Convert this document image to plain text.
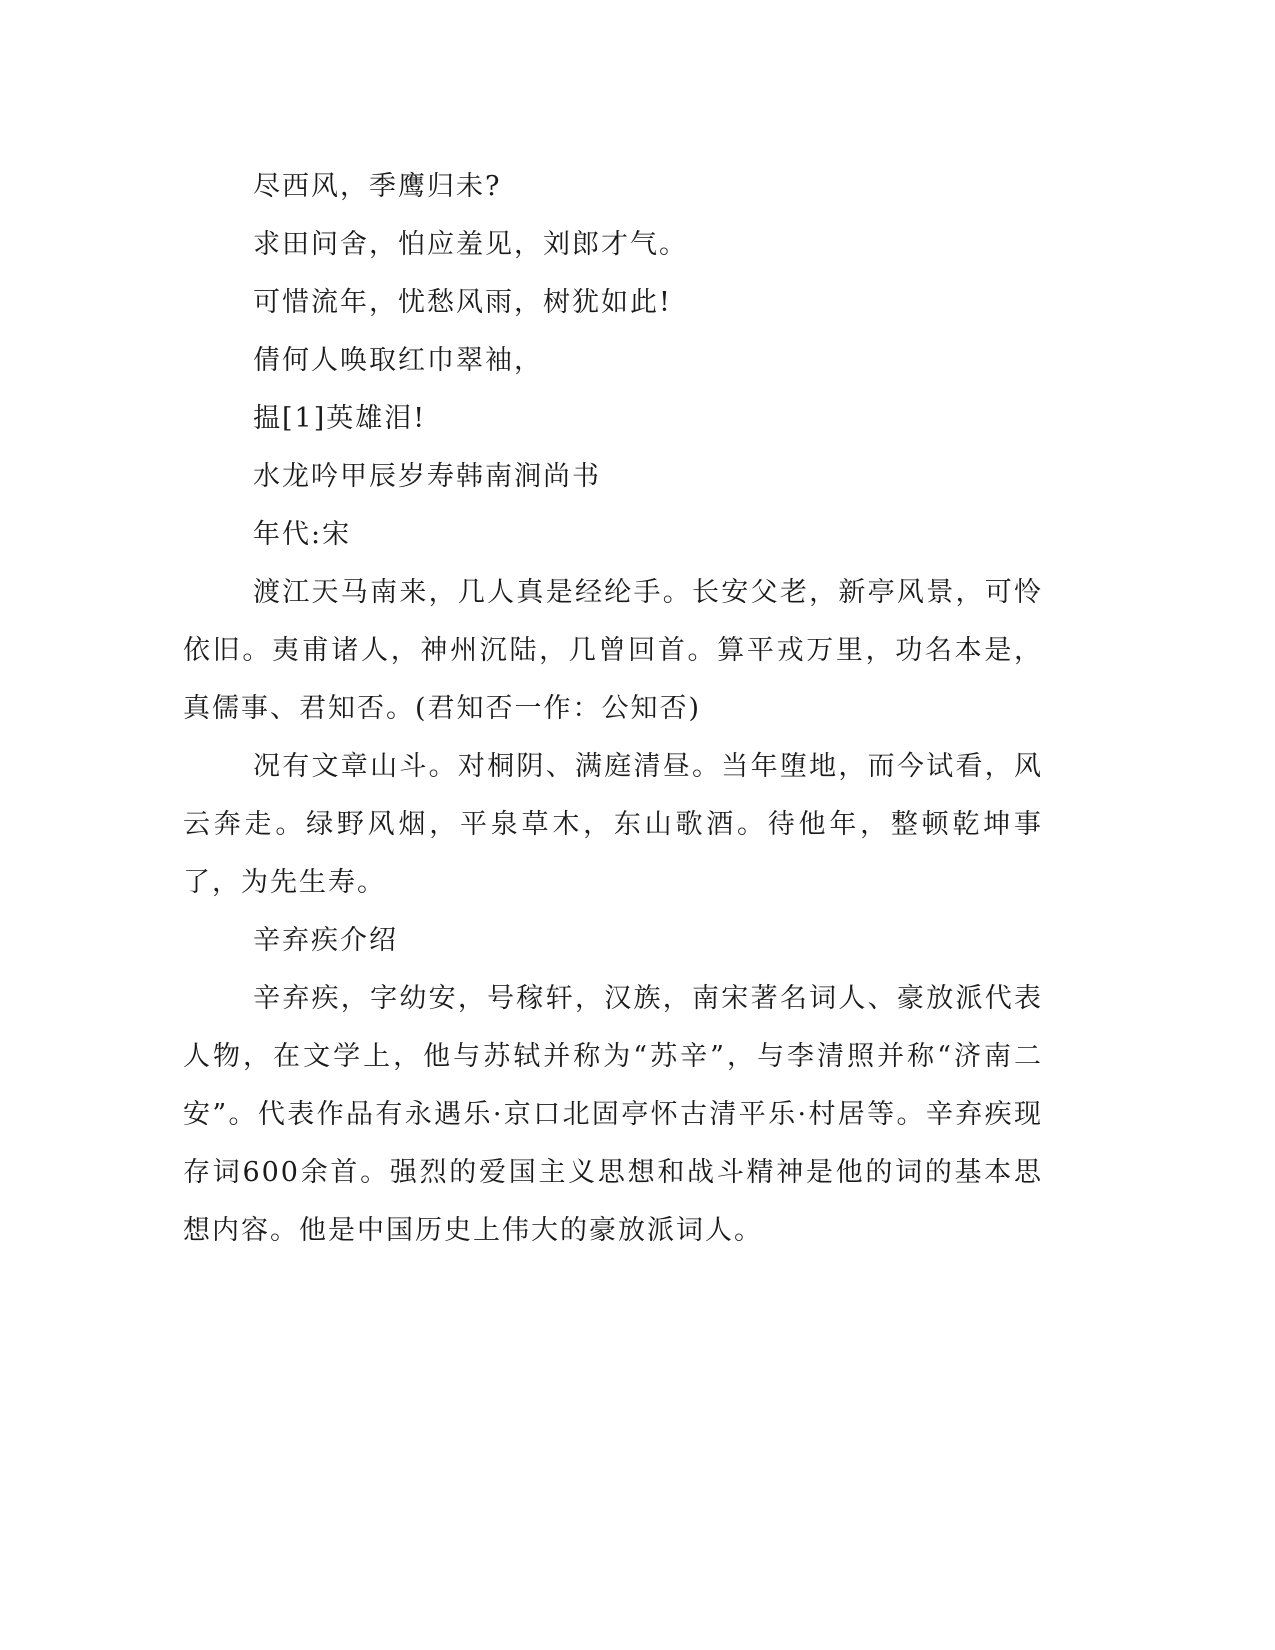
尽西风，季鹰归未?

求田问舍，怕应羞见，刘郎才气。

可惜流年，忧愁风雨，树犹如此!

倩何人唤取红巾翠袖，

揾[1]英雄泪!

水龙吟甲辰岁寿韩南涧尚书

年代:宋

渡江天马南来，几人真是经纶手。长安父老，新亭风景，可怜依旧。夷甫诸人，神州沉陆，几曾回首。算平戎万里，功名本是，真儒事、君知否。(君知否一作：公知否)

况有文章山斗。对桐阴、满庭清昼。当年堕地，而今试看，风云奔走。绿野风烟，平泉草木，东山歌酒。待他年，整顿乾坤事了，为先生寿。

辛弃疾介绍

辛弃疾，字幼安，号稼轩，汉族，南宋著名词人、豪放派代表人物，在文学上，他与苏轼并称为“苏辛”，与李清照并称“济南二安”。代表作品有永遇乐·京口北固亭怀古清平乐·村居等。辛弃疾现存词600余首。强烈的爱国主义思想和战斗精神是他的词的基本思想内容。他是中国历史上伟大的豪放派词人。
